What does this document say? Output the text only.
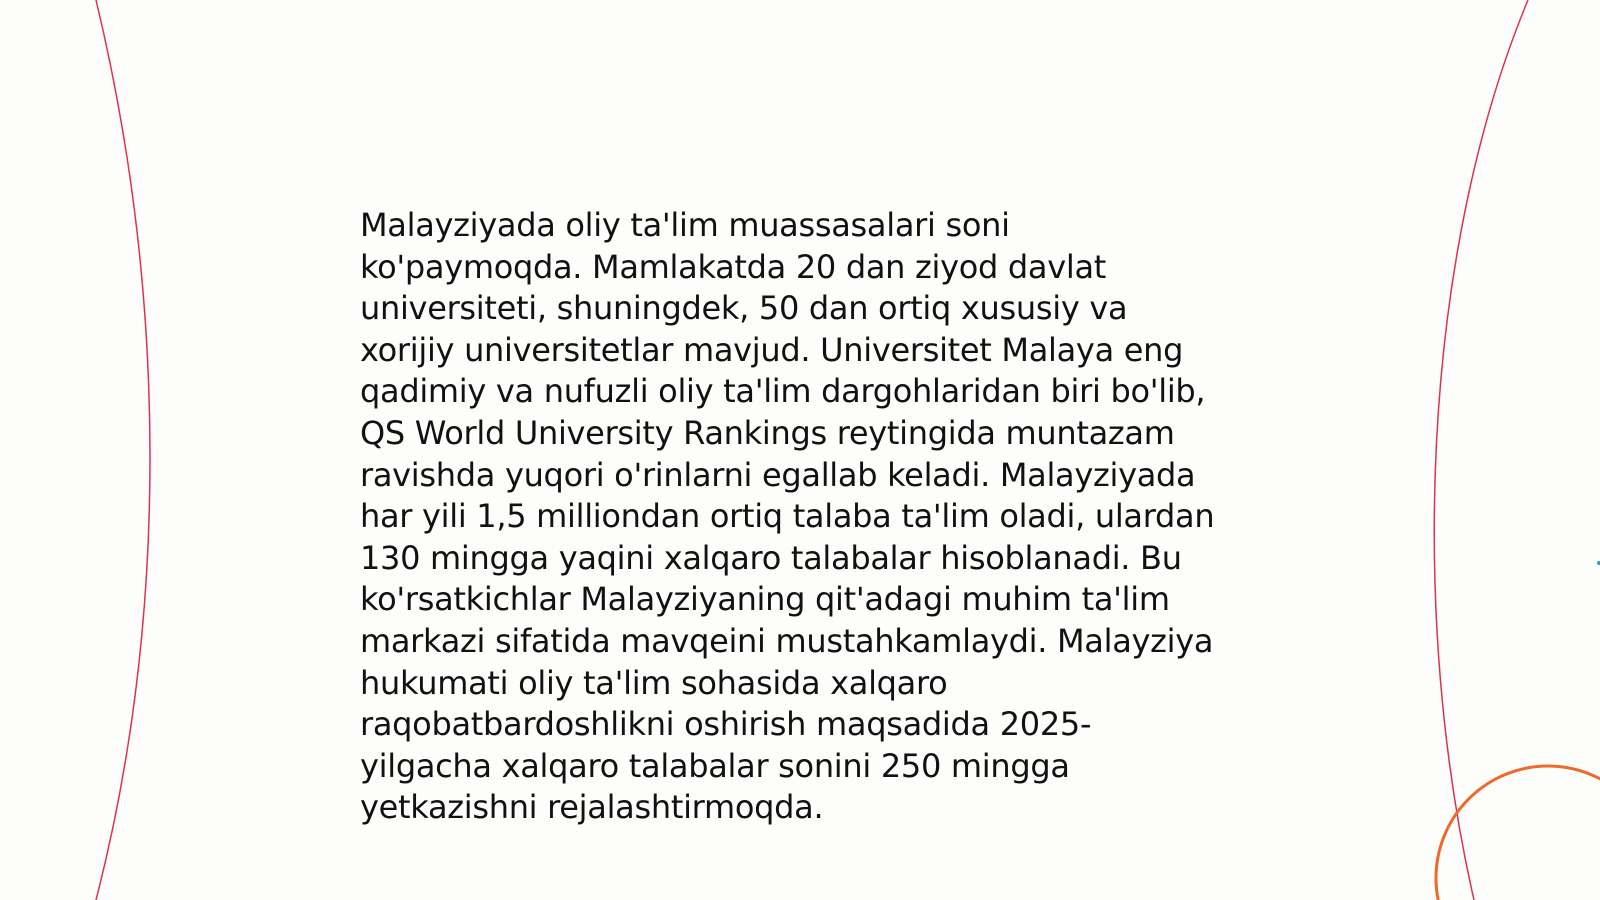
Malayziyada oliy ta'lim muassasalari soni
ko'paymoqda. Mamlakatda 20 dan ziyod davlat
universiteti, shuningdek, 50 dan ortiq xususiy va
xorijiy universitetlar mavjud. Universitet Malaya eng
qadimiy va nufuzli oliy ta'lim dargohlaridan biri bo'lib,
QS World University Rankings reytingida muntazam
ravishda yuqori o'rinlarni egallab keladi. Malayziyada
har yili 1,5 milliondan ortiq talaba ta'lim oladi, ulardan
130 mingga yaqini xalqaro talabalar hisoblanadi. Bu
ko'rsatkichlar Malayziyaning qit'adagi muhim ta'lim
markazi sifatida mavqeini mustahkamlaydi. Malayziya
hukumati oliy ta'lim sohasida xalqaro
raqobatbardoshlikni oshirish maqsadida 2025-
yilgacha xalqaro talabalar sonini 250 mingga
yetkazishni rejalashtirmoqda.
